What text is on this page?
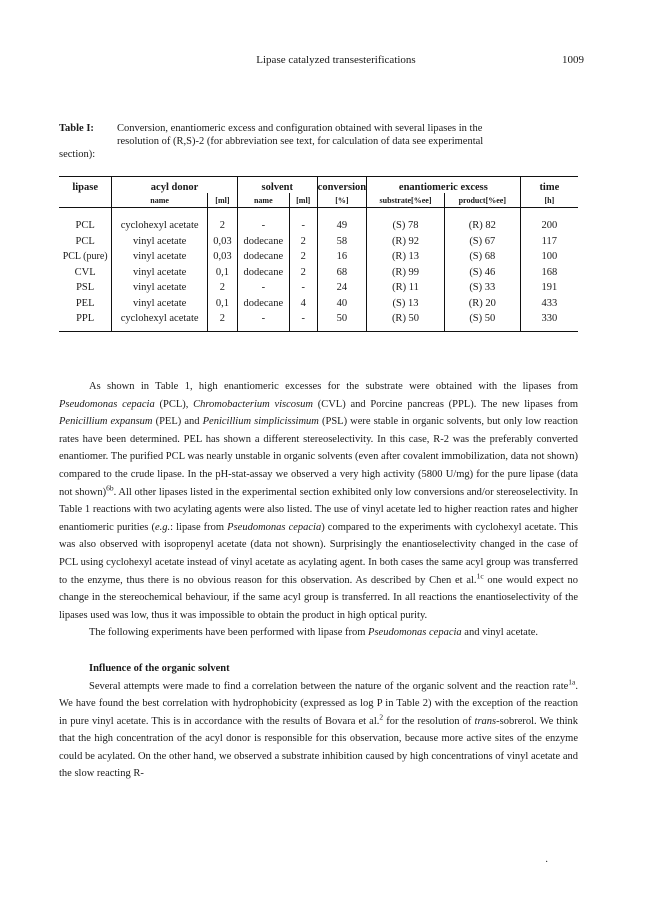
Lipase catalyzed transesterifications	1009
Table I: Conversion, enantiomeric excess and configuration obtained with several lipases in the
resolution of (R,S)-2 (for abbreviation see text, for calculation of data see experimental
section):
lipase	acyl donor		solvent		conversion	enantiomeric excess		time
	name	[ml]	name	[ml]	[%]	substrate[%ee]	product[%ee]	[h]
PCL	cyclohexyl acetate	2	-	-	49	(S) 78	(R) 82	200
PCL	vinyl acetate	0,03	dodecane	2	58	(R) 92	(S) 67	117
PCL (pure)	vinyl acetate	0,03	dodecane	2	16	(R) 13	(S) 68	100
CVL	vinyl acetate	0,1	dodecane	2	68	(R) 99	(S) 46	168
PSL	vinyl acetate	2	-	-	24	(R) 11	(S) 33	191
PEL	vinyl acetate	0,1	dodecane	4	40	(S) 13	(R) 20	433
PPL	cyclohexyl acetate	2	-	-	50	(R) 50	(S) 50	330

As shown in Table 1, high enantiomeric excesses for the substrate were obtained with the lipases from Pseudomonas cepacia (PCL), Chromobacterium viscosum (CVL) and Porcine pancreas (PPL). The new lipases from Penicillium expansum (PEL) and Penicillium simplicissimum (PSL) were stable in organic solvents, but only low reaction rates have been determined. PEL has shown a different stereoselectivity. In this case, R-2 was the preferably converted enantiomer. The purified PCL was nearly unstable in organic solvents (even after covalent immobilization, data not shown) compared to the crude lipase. In the pH-stat-assay we observed a very high activity (5800 U/mg) for the pure lipase (data not shown)$^{6b}$. All other lipases listed in the experimental section exhibited only low conversions and/or stereoselectivity. In Table 1 reactions with two acylating agents were also listed. The use of vinyl acetate led to higher reaction rates and higher enantiomeric purities (e.g.: lipase from Pseudomonas cepacia) compared to the experiments with cyclohexyl acetate. This was also observed with isopropenyl acetate (data not shown). Surprisingly the enantioselectivity changed in the case of PCL using cyclohexyl acetate instead of vinyl acetate as acylating agent. In both cases the same acyl group was transferred to the enzyme, thus there is no obvious reason for this observation. As described by Chen et al.$^{1c}$ one would expect no change in the stereochemical behaviour, if the same acyl group is transferred. In all reactions the enantioselectivity of the lipases used was low, thus it was impossible to obtain the product in high optical purity.

The following experiments have been performed with lipase from Pseudomonas cepacia and vinyl acetate.

Influence of the organic solvent

Several attempts were made to find a correlation between the nature of the organic solvent and the reaction rate$^{1a}$. We have found the best correlation with hydrophobicity (expressed as log P in Table 2) with the exception of the reaction in pure vinyl acetate. This is in accordance with the results of Bovara et al.$^2$ for the resolution of trans-sobrerol. We think that the high concentration of the acyl donor is responsible for this observation, because more active sites of the enzyme could be acylated. On the other hand, we observed a substrate inhibition caused by high concentrations of vinyl acetate and the slow reacting R-

·
